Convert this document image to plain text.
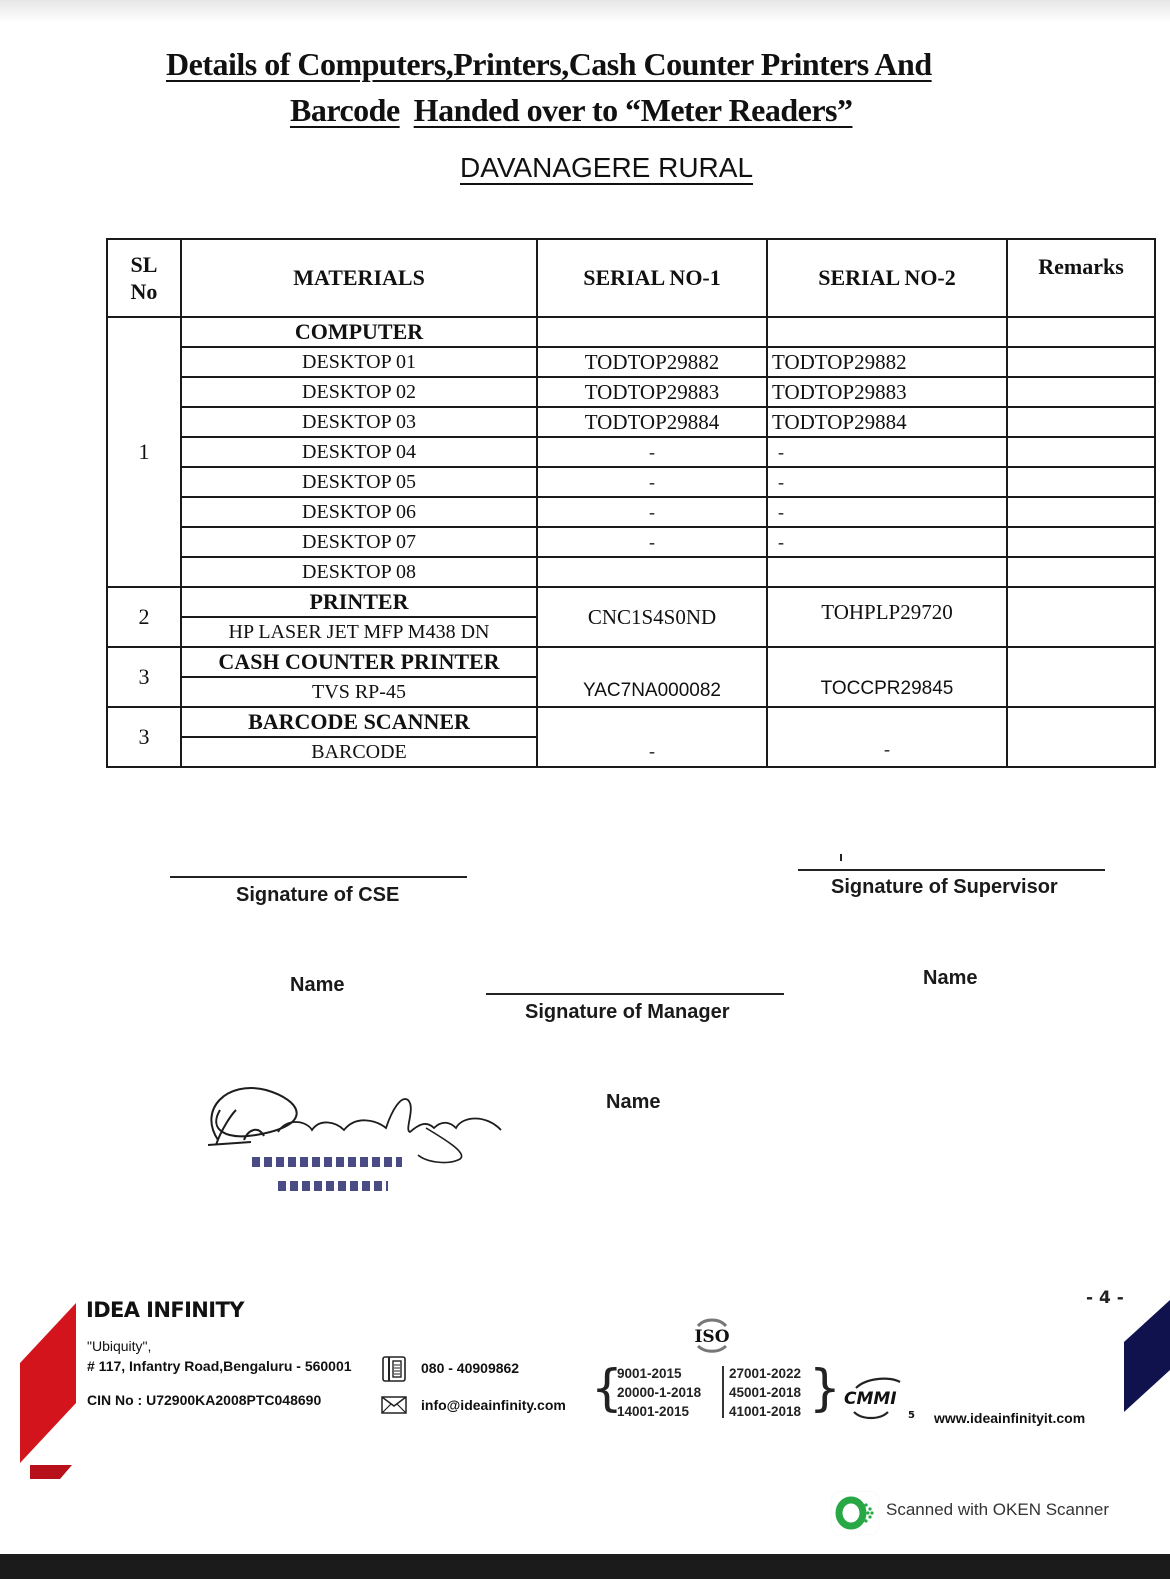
Details of Computers,Printers,Cash Counter Printers And
Barcode Handed over to “Meter Readers”
DAVANAGERE RURAL
SL No	MATERIALS	SERIAL NO-1	SERIAL NO-2	Remarks
1	COMPUTER			
	DESKTOP 01	TODTOP29882	TODTOP29882	
	DESKTOP 02	TODTOP29883	TODTOP29883	
	DESKTOP 03	TODTOP29884	TODTOP29884	
	DESKTOP 04	-	-	
	DESKTOP 05	-	-	
	DESKTOP 06	-	-	
	DESKTOP 07	-	-	
	DESKTOP 08			
2	PRINTER	CNC1S4S0ND	TOHPLP29720	
	HP LASER JET MFP M438 DN			
3	CASH COUNTER PRINTER	YAC7NA000082	TOCCPR29845	
	TVS RP-45			
3	BARCODE SCANNER	-	-	
	BARCODE			
Signature of CSE	Signature of Supervisor
Name	Name
Signature of Manager
Name
IDEA INFINITY
"Ubiquity",
# 117, Infantry Road,Bengaluru - 560001
CIN No : U72900KA2008PTC048690
080 - 40909862
info@ideainfinity.com
ISO
{
9001-2015
20000-1-2018
14001-2015
27001-2022
45001-2018
41001-2018 } CMMI
5 www.ideainfinityit.com
- 4 -
Scanned with OKEN Scanner
